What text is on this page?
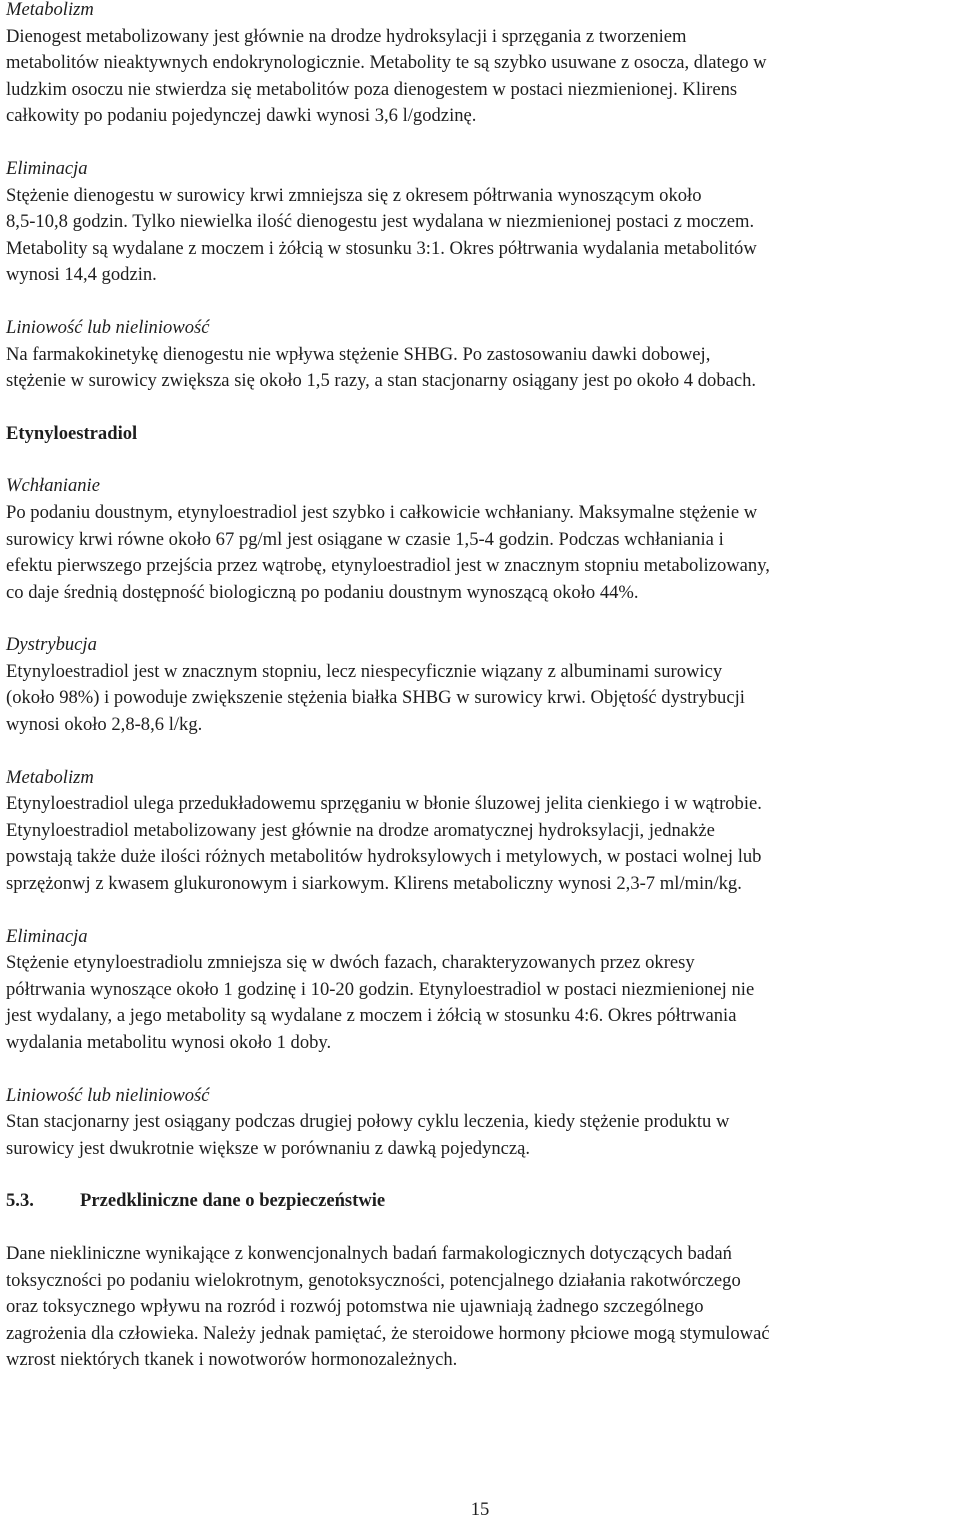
Metabolizm

Dienogest metabolizowany jest głównie na drodze hydroksylacji i sprzęgania z tworzeniem
metabolitów nieaktywnych endokrynologicznie. Metabolity te są szybko usuwane z osocza, dlatego w
ludzkim osoczu nie stwierdza się metabolitów poza dienogestem w postaci niezmienionej. Klirens
całkowity po podaniu pojedynczej dawki wynosi 3,6 l/godzinę.

Eliminacja

Stężenie dienogestu w surowicy krwi zmniejsza się z okresem półtrwania wynoszącym około
8,5-10,8 godzin. Tylko niewielka ilość dienogestu jest wydalana w niezmienionej postaci z moczem.
Metabolity są wydalane z moczem i żółcią w stosunku 3:1. Okres półtrwania wydalania metabolitów
wynosi 14,4 godzin.

Liniowość lub nieliniowość

Na farmakokinetykę dienogestu nie wpływa stężenie SHBG. Po zastosowaniu dawki dobowej,
stężenie w surowicy zwiększa się około 1,5 razy, a stan stacjonarny osiągany jest po około 4 dobach.

Etynyloestradiol

Wchłanianie

Po podaniu doustnym, etynyloestradiol jest szybko i całkowicie wchłaniany. Maksymalne stężenie w
surowicy krwi równe około 67 pg/ml jest osiągane w czasie 1,5-4 godzin. Podczas wchłaniania i
efektu pierwszego przejścia przez wątrobę, etynyloestradiol jest w znacznym stopniu metabolizowany,
co daje średnią dostępność biologiczną po podaniu doustnym wynoszącą około 44%.

Dystrybucja

Etynyloestradiol jest w znacznym stopniu, lecz niespecyficznie wiązany z albuminami surowicy
(około 98%) i powoduje zwiększenie stężenia białka SHBG w surowicy krwi. Objętość dystrybucji
wynosi około 2,8-8,6 l/kg.

Metabolizm

Etynyloestradiol ulega przedukładowemu sprzęganiu w błonie śluzowej jelita cienkiego i w wątrobie.
Etynyloestradiol metabolizowany jest głównie na drodze aromatycznej hydroksylacji, jednakże
powstają także duże ilości różnych metabolitów hydroksylowych i metylowych, w postaci wolnej lub
sprzężonwj z kwasem glukuronowym i siarkowym. Klirens metaboliczny wynosi 2,3-7 ml/min/kg.

Eliminacja

Stężenie etynyloestradiolu zmniejsza się w dwóch fazach, charakteryzowanych przez okresy
półtrwania wynoszące około 1 godzinę i 10-20 godzin. Etynyloestradiol w postaci niezmienionej nie
jest wydalany, a jego metabolity są wydalane z moczem i żółcią w stosunku 4:6. Okres półtrwania
wydalania metabolitu wynosi około 1 doby.

Liniowość lub nieliniowość

Stan stacjonarny jest osiągany podczas drugiej połowy cyklu leczenia, kiedy stężenie produktu w
surowicy jest dwukrotnie większe w porównaniu z dawką pojedynczą.

5.3. Przedkliniczne dane o bezpieczeństwie

Dane niekliniczne wynikające z konwencjonalnych badań farmakologicznych dotyczących badań
toksyczności po podaniu wielokrotnym, genotoksyczności, potencjalnego działania rakotwórczego
oraz toksycznego wpływu na rozród i rozwój potomstwa nie ujawniają żadnego szczególnego
zagrożenia dla człowieka. Należy jednak pamiętać, że steroidowe hormony płciowe mogą stymulować
wzrost niektórych tkanek i nowotworów hormonozależnych.
15
